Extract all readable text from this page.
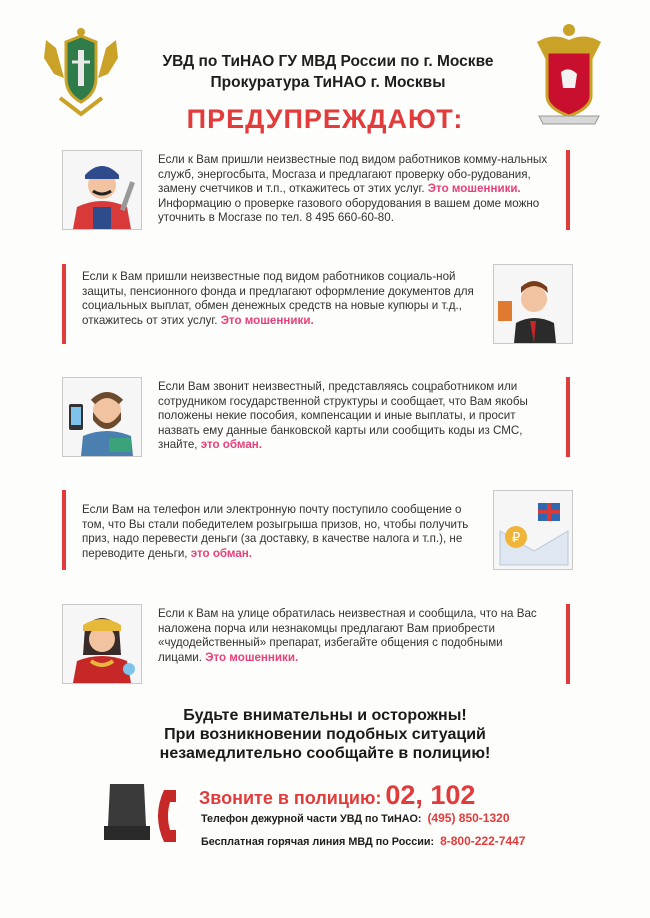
УВД по ТиНАО ГУ МВД России по г. Москве
Прокуратура ТиНАО г. Москвы
ПРЕДУПРЕЖДАЮТ:
Если к Вам пришли неизвестные под видом работников комму-нальных служб, энергосбыта, Мосгаза и предлагают проверку обо-рудования, замену счетчиков и т.п., откажитесь от этих услуг. Это мошенники. Информацию о проверке газового оборудования в вашем доме можно уточнить в Мосгазе по тел. 8 495 660-60-80.
Если к Вам пришли неизвестные под видом работников социаль-ной защиты, пенсионного фонда и предлагают оформление документов для социальных выплат, обмен денежных средств на новые купюры и т.д., откажитесь от этих услуг. Это мошенники.
Если Вам звонит неизвестный, представляясь соцработником или сотрудником государственной структуры и сообщает, что Вам якобы положены некие пособия, компенсации и иные выплаты, и просит назвать ему данные банковской карты или сообщить коды из СМС, знайте, это обман.
Если Вам на телефон или электронную почту поступило сообщение о том, что Вы стали победителем розыгрыша призов, но, чтобы получить приз, надо перевести деньги (за доставку, в качестве налога и т.п.), не переводите деньги, это обман.
₽
Если к Вам на улице обратилась неизвестная и сообщила, что на Вас наложена порча или незнакомцы предлагают Вам приобрести «чудодейственный» препарат, избегайте общения с подобными лицами. Это мошенники.
Будьте внимательны и осторожны!
При возникновении подобных ситуаций
незамедлительно сообщайте в полицию!
Звоните в полицию: 02, 102
Телефон дежурной части УВД по ТиНАО: (495) 850-1320
Бесплатная горячая линия МВД по России: 8-800-222-7447
